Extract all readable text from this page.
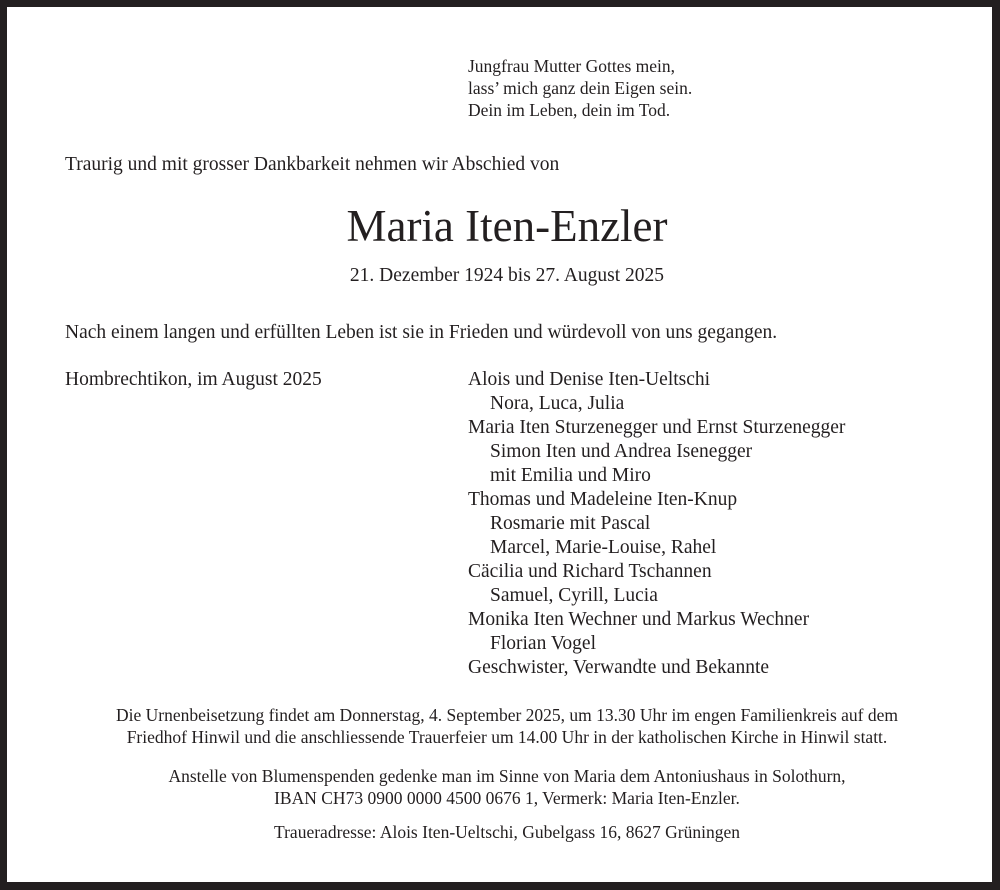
Jungfrau Mutter Gottes mein,
lass’ mich ganz dein Eigen sein.
Dein im Leben, dein im Tod.
Traurig und mit grosser Dankbarkeit nehmen wir Abschied von
Maria Iten-Enzler
21. Dezember 1924 bis 27. August 2025
Nach einem langen und erfüllten Leben ist sie in Frieden und würdevoll von uns gegangen.
Hombrechtikon, im August 2025	Alois und Denise Iten-Ueltschi
Nora, Luca, Julia
Maria Iten Sturzenegger und Ernst Sturzenegger
Simon Iten und Andrea Isenegger
mit Emilia und Miro
Thomas und Madeleine Iten-Knup
Rosmarie mit Pascal
Marcel, Marie-Louise, Rahel
Cäcilia und Richard Tschannen
Samuel, Cyrill, Lucia
Monika Iten Wechner und Markus Wechner
Florian Vogel
Geschwister, Verwandte und Bekannte
Die Urnenbeisetzung findet am Donnerstag, 4. September 2025, um 13.30 Uhr im engen Familienkreis auf dem
Friedhof Hinwil und die anschliessende Trauerfeier um 14.00 Uhr in der katholischen Kirche in Hinwil statt.
Anstelle von Blumenspenden gedenke man im Sinne von Maria dem Antoniushaus in Solothurn,
IBAN CH73 0900 0000 4500 0676 1, Vermerk: Maria Iten-Enzler.
Traueradresse: Alois Iten-Ueltschi, Gubelgass 16, 8627 Grüningen
